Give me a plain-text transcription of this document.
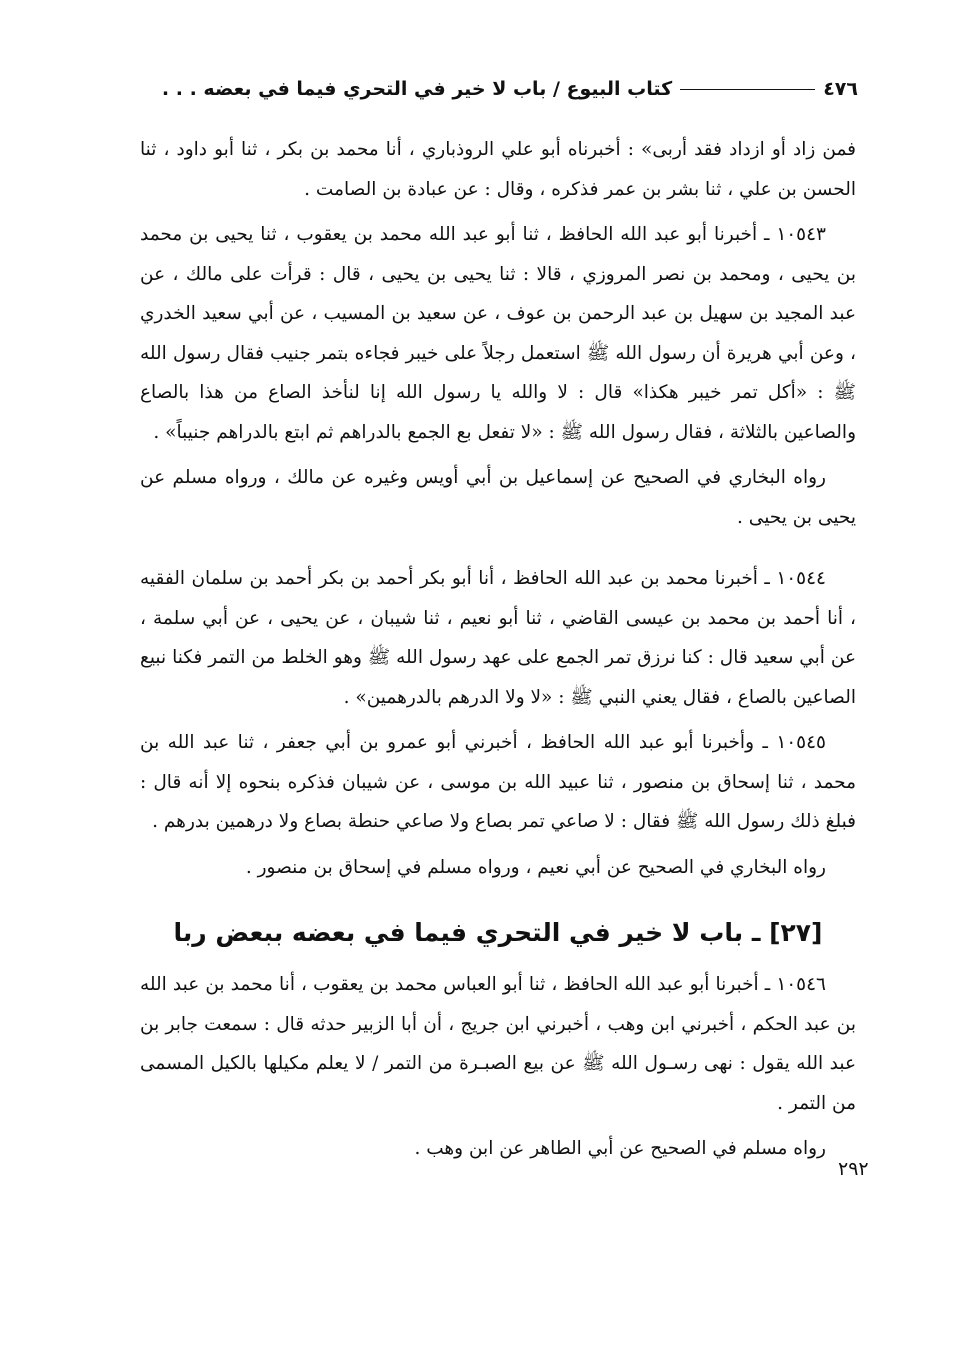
٤٧٦
كتاب البيوع / باب لا خير في التحري فيما في بعضه . . .

فمن زاد أو ازداد فقد أربى» : أخبرناه أبو علي الروذباري ، أنا محمد بن بكر ، ثنا أبو داود ، ثنا الحسن بن علي ، ثنا بشر بن عمر فذكره ، وقال : عن عبادة بن الصامت .

١٠٥٤٣ ـ أخبرنا أبو عبد الله الحافظ ، ثنا أبو عبد الله محمد بن يعقوب ، ثنا يحيى بن محمد بن يحيى ، ومحمد بن نصر المروزي ، قالا : ثنا يحيى بن يحيى ، قال : قرأت على مالك ، عن عبد المجيد بن سهيل بن عبد الرحمن بن عوف ، عن سعيد بن المسيب ، عن أبي سعيد الخدري ، وعن أبي هريرة أن رسول الله ﷺ استعمل رجلاً على خيبر فجاءه بتمر جنيب فقال رسول الله ﷺ : «أكل تمر خيبر هكذا» قال : لا والله يا رسول الله إنا لنأخذ الصاع من هذا بالصاع والصاعين بالثلاثة ، فقال رسول الله ﷺ : «لا تفعل بع الجمع بالدراهم ثم ابتع بالدراهم جنيباً» .

رواه البخاري في الصحيح عن إسماعيل بن أبي أويس وغيره عن مالك ، ورواه مسلم عن يحيى بن يحيى .

١٠٥٤٤ ـ أخبرنا محمد بن عبد الله الحافظ ، أنا أبو بكر أحمد بن بكر أحمد بن سلمان الفقيه ، أنا أحمد بن محمد بن عيسى القاضي ، ثنا أبو نعيم ، ثنا شيبان ، عن يحيى ، عن أبي سلمة ، عن أبي سعيد قال : كنا نرزق تمر الجمع على عهد رسول الله ﷺ وهو الخلط من التمر فكنا نبيع الصاعين بالصاع ، فقال يعني النبي ﷺ : «لا ولا الدرهم بالدرهمين» .

١٠٥٤٥ ـ وأخبرنا أبو عبد الله الحافظ ، أخبرني أبو عمرو بن أبي جعفر ، ثنا عبد الله بن محمد ، ثنا إسحاق بن منصور ، ثنا عبيد الله بن موسى ، عن شيبان فذكره بنحوه إلا أنه قال : فبلغ ذلك رسول الله ﷺ فقال : لا صاعي تمر بصاع ولا صاعي حنطة بصاع ولا درهمين بدرهم .

رواه البخاري في الصحيح عن أبي نعيم ، ورواه مسلم في إسحاق بن منصور .

[٢٧] ـ باب لا خير في التحري فيما في بعضه ببعض ربا

١٠٥٤٦ ـ أخبرنا أبو عبد الله الحافظ ، ثنا أبو العباس محمد بن يعقوب ، أنا محمد بن عبد الله بن عبد الحكم ، أخبرني ابن وهب ، أخبرني ابن جريج ، أن أبا الزبير حدثه قال : سمعت جابر بن عبد الله يقول : نهى رسـول الله ﷺ عن بيع الصبـرة من التمر / لا يعلم مكيلها بالكيل المسمى من التمر .

رواه مسلم في الصحيح عن أبي الطاهر عن ابن وهب .

٢٩٢
